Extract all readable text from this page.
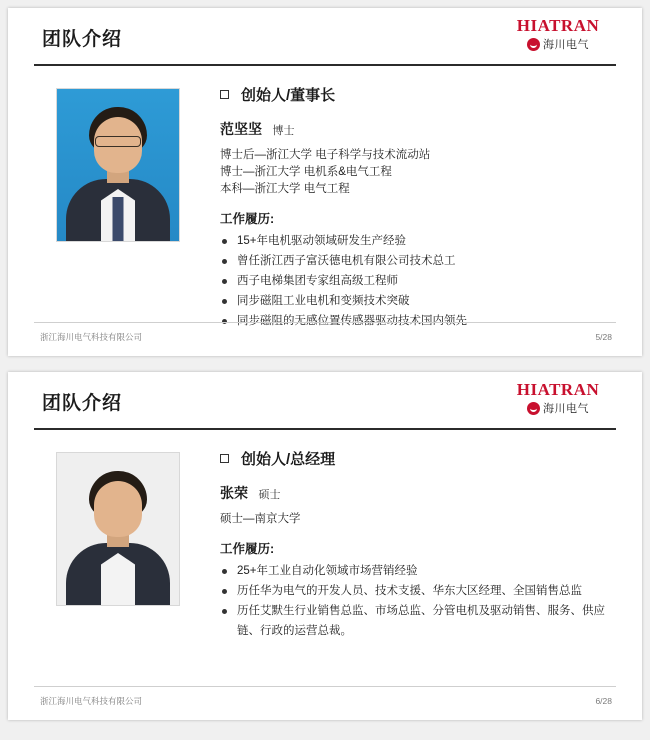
团队介绍
HIATRAN
海川电气
创始人/董事长
范坚坚 博士
博士后—浙江大学 电子科学与技术流动站
博士—浙江大学 电机系&电气工程
本科—浙江大学 电气工程
工作履历:
15+年电机驱动领域研发生产经验
曾任浙江西子富沃德电机有限公司技术总工
西子电梯集团专家组高级工程师
同步磁阻工业电机和变频技术突破
同步磁阻的无感位置传感器驱动技术国内领先
浙江海川电气科技有限公司	5/28
团队介绍
HIATRAN
海川电气
创始人/总经理
张荣 硕士
硕士—南京大学
工作履历:
25+年工业自动化领域市场营销经验
历任华为电气的开发人员、技术支援、华东大区经理、全国销售总监
历任艾默生行业销售总监、市场总监、分管电机及驱动销售、服务、供应链、行政的运营总裁。
浙江海川电气科技有限公司	6/28
